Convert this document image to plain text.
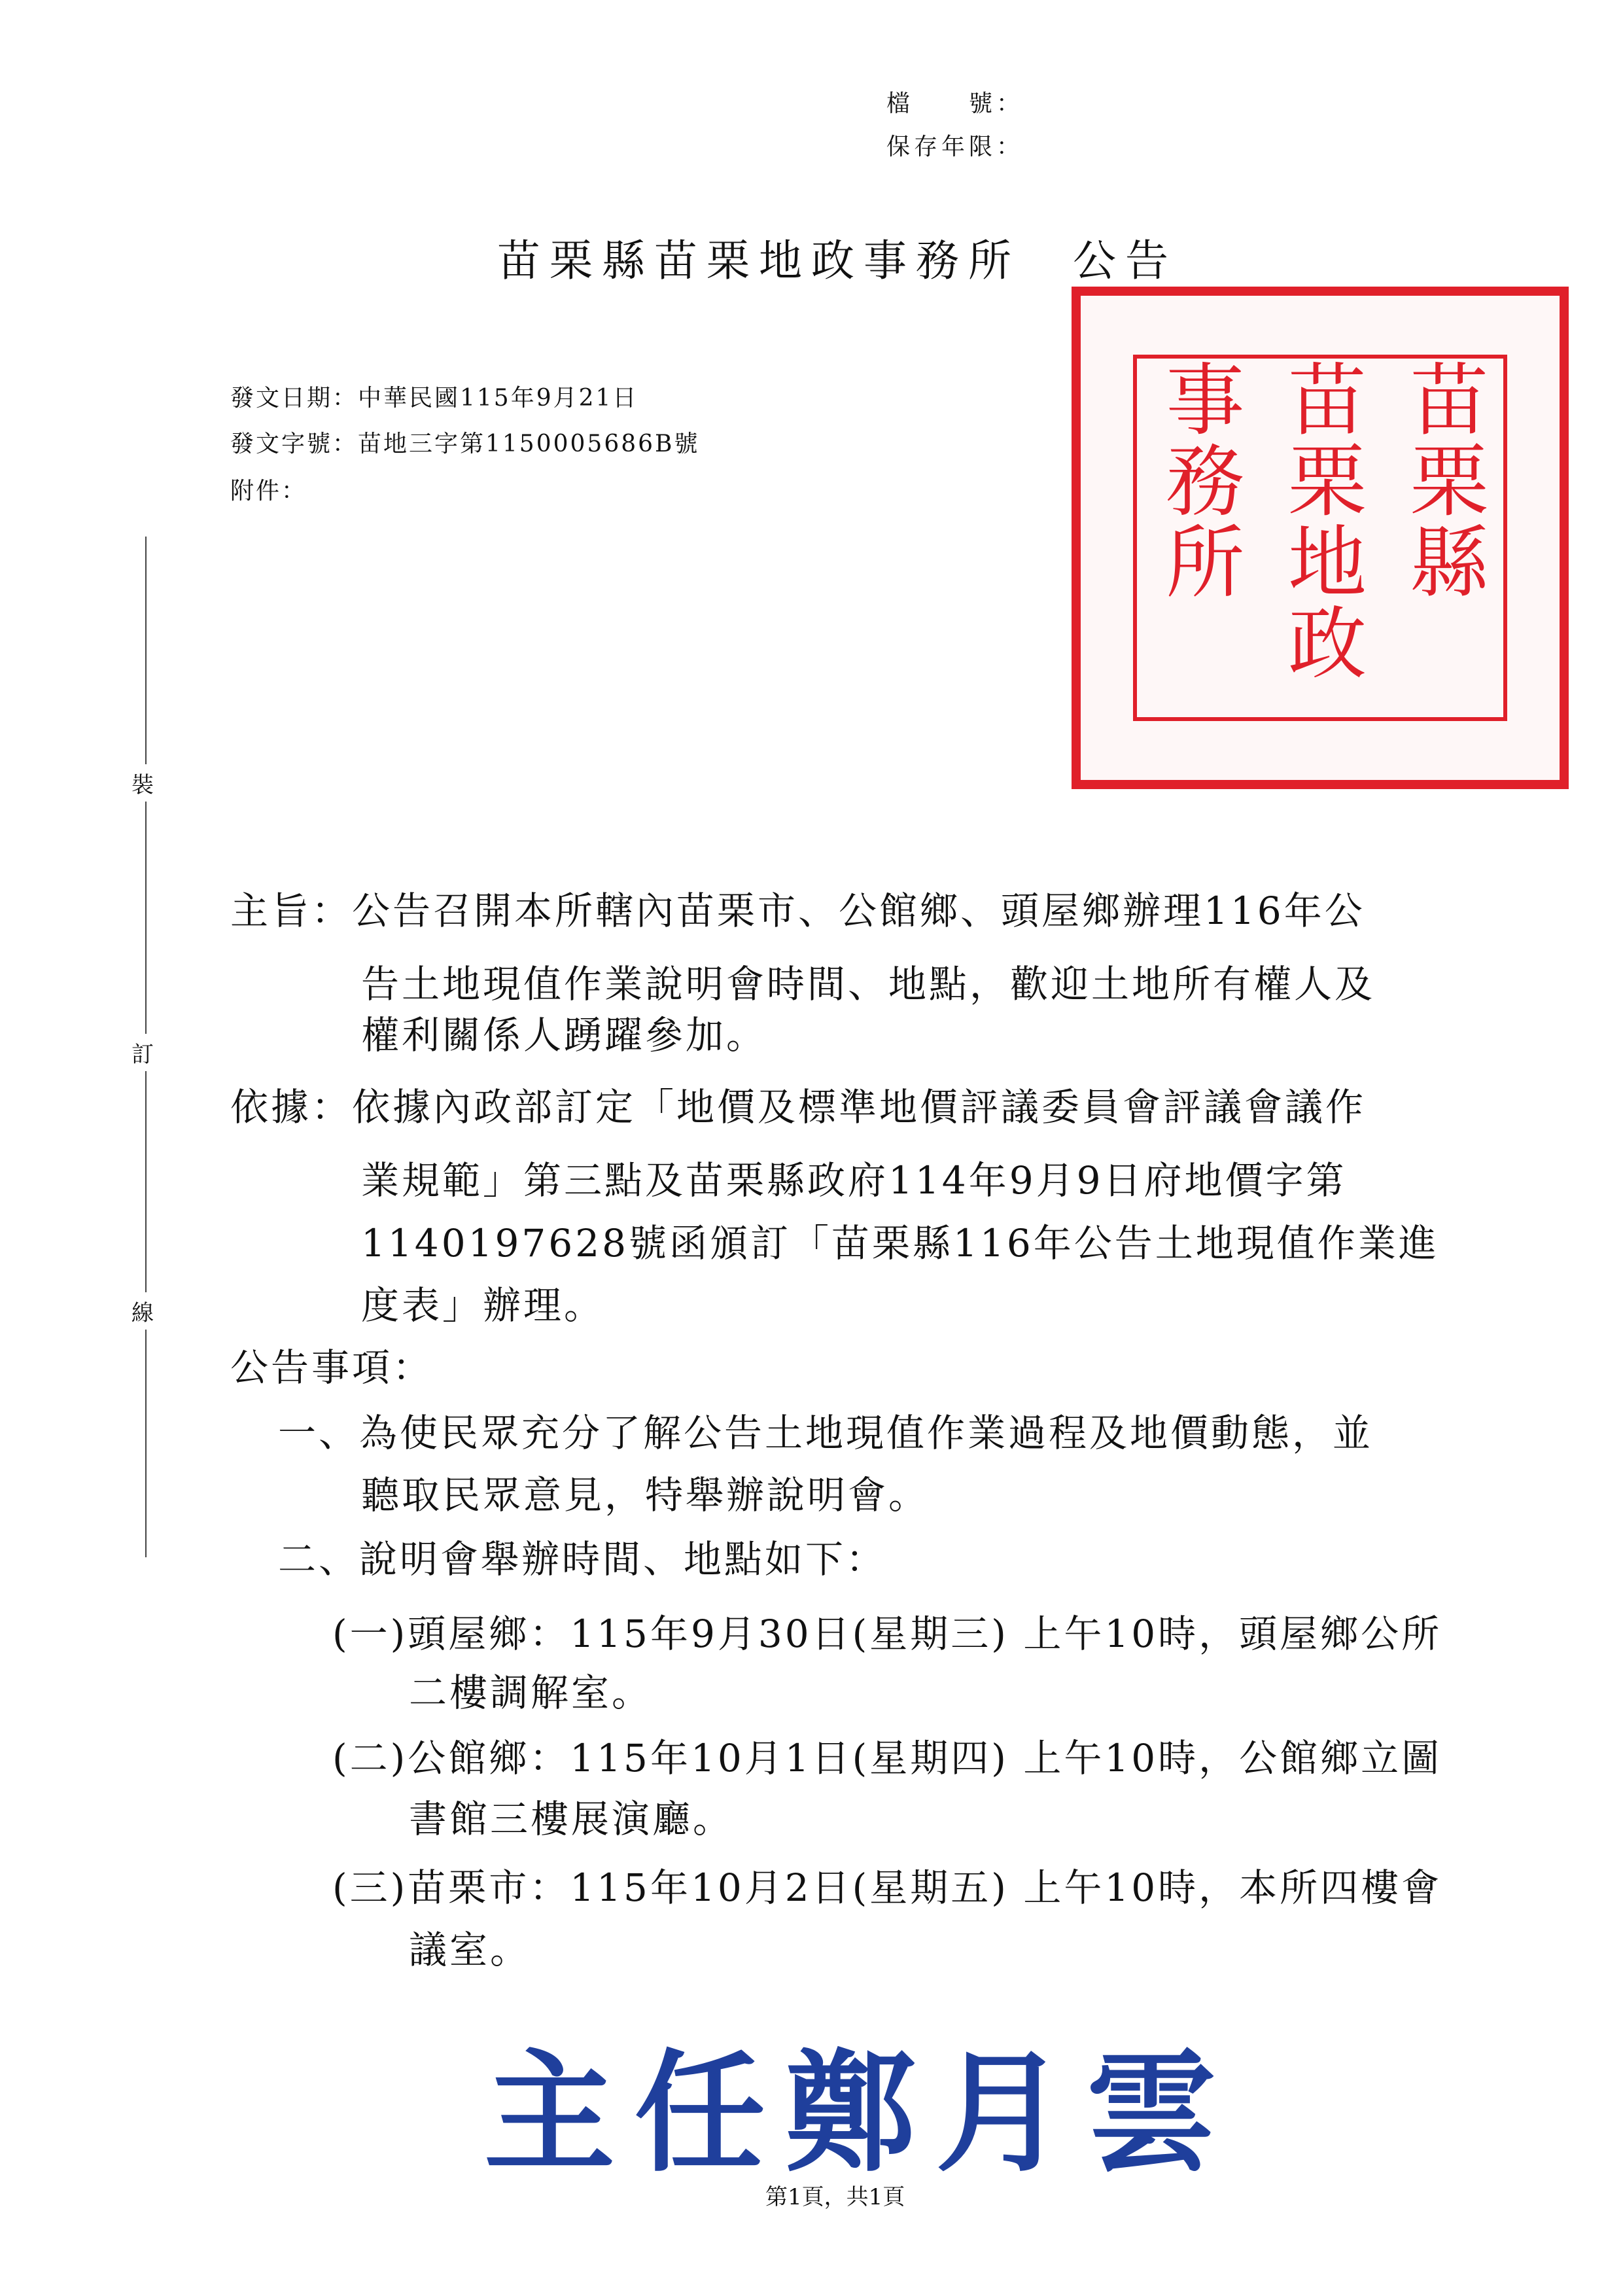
檔　　號：
保存年限：
苗栗縣苗栗地政事務所　公告
發文日期：中華民國115年9月21日
發文字號：苗地三字第1150005686B號
附件：
裝
訂
線
苗栗縣
苗栗地政
事務所
主旨：公告召開本所轄內苗栗市、公館鄉、頭屋鄉辦理116年公
告土地現值作業說明會時間、地點，歡迎土地所有權人及
權利關係人踴躍參加。
依據：依據內政部訂定「地價及標準地價評議委員會評議會議作
業規範」第三點及苗栗縣政府114年9月9日府地價字第
1140197628號函頒訂「苗栗縣116年公告土地現值作業進
度表」辦理。
公告事項：
一、為使民眾充分了解公告土地現值作業過程及地價動態，並
聽取民眾意見，特舉辦說明會。
二、說明會舉辦時間、地點如下：
(一)頭屋鄉：115年9月30日(星期三) 上午10時，頭屋鄉公所
二樓調解室。
(二)公館鄉：115年10月1日(星期四) 上午10時，公館鄉立圖
書館三樓展演廳。
(三)苗栗市：115年10月2日(星期五) 上午10時，本所四樓會
議室。
主任鄭月雲
第1頁，共1頁
